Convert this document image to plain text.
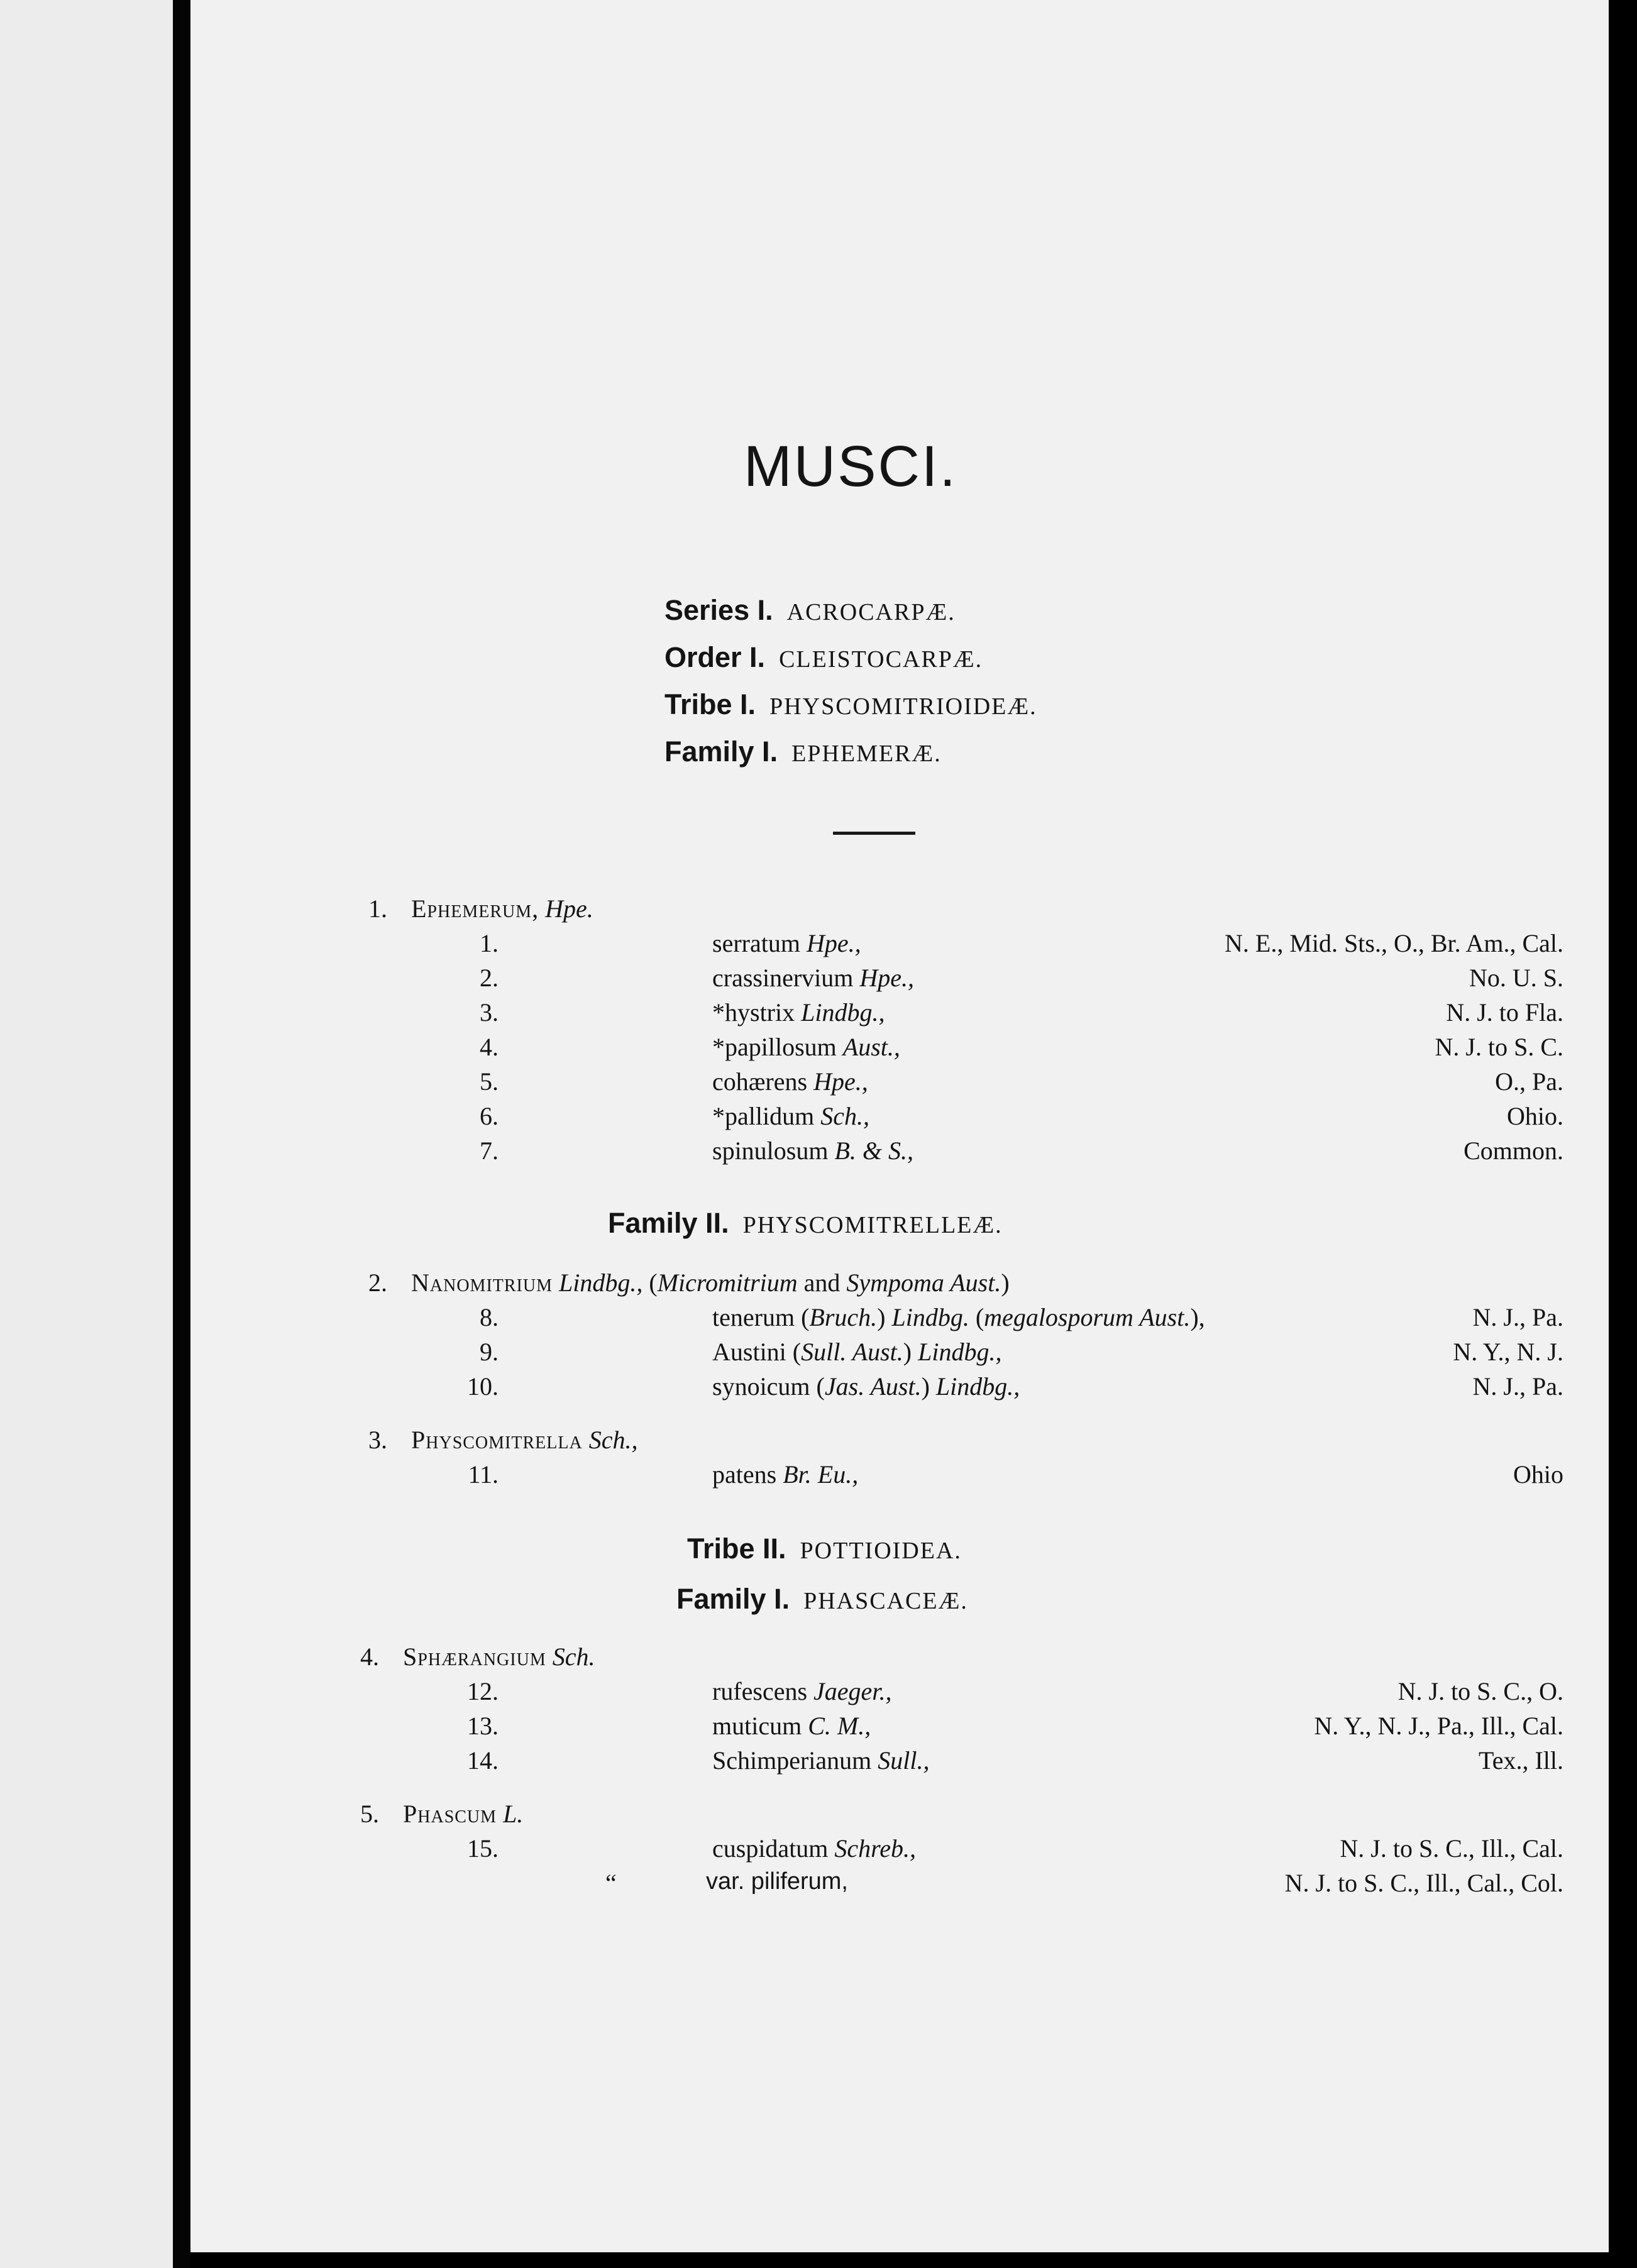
MUSCI.
Series I. ACROCARPÆ.
Order I. CLEISTOCARPÆ.
Tribe I. PHYSCOMITRIOIDEÆ.
Family I. EPHEMERÆ.
1. Ephemerum, Hpe.
1.	serratum Hpe.,	N. E., Mid. Sts., O., Br. Am., Cal.
2.	crassinervium Hpe.,	No. U. S.
3.	*hystrix Lindbg.,	N. J. to Fla.
4.	*papillosum Aust.,	N. J. to S. C.
5.	cohærens Hpe.,	O., Pa.
6.	*pallidum Sch.,	Ohio.
7.	spinulosum B. & S.,	Common.
Family II. PHYSCOMITRELLEÆ.
2. Nanomitrium Lindbg., (Micromitrium and Sympoma Aust.)
8.	tenerum (Bruch.) Lindbg. (megalosporum Aust.),	N. J., Pa.
9.	Austini (Sull. Aust.) Lindbg.,	N. Y., N. J.
10.	synoicum (Jas. Aust.) Lindbg.,	N. J., Pa.
3. Physcomitrella Sch.,
11.	patens Br. Eu.,	Ohio
Tribe II. POTTIOIDEA.
Family I. PHASCACEÆ.
4. Sphærangium Sch.
12.	rufescens Jaeger.,	N. J. to S. C., O.
13.	muticum C. M.,	N. Y., N. J., Pa., Ill., Cal.
14.	Schimperianum Sull.,	Tex., Ill.
5. Phascum L.
15.	cuspidatum Schreb.,	N. J. to S. C., Ill., Cal.
“	var. piliferum,	N. J. to S. C., Ill., Cal., Col.
